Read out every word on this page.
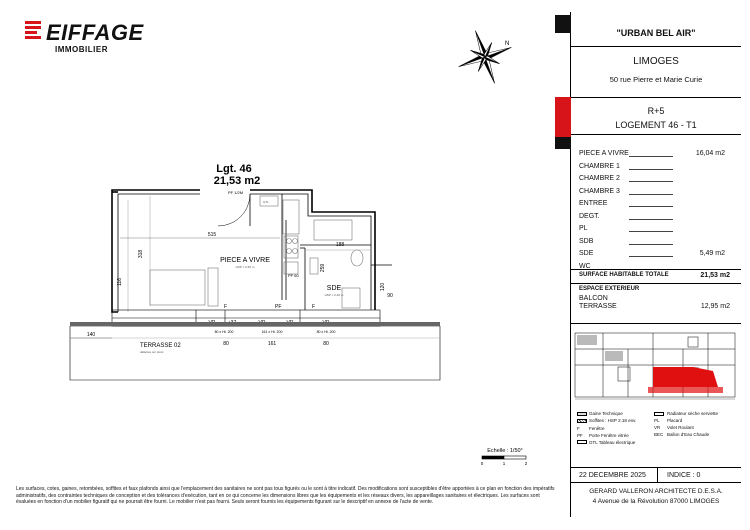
EIFFAGE
IMMOBILIER
N
Lgt. 46
21,53 m2
GTL
515
318
188
259
120
90
116
PIECE A VIVRE
HSP = 2.50 m
SDE
HSP = 2.40 m
PF 1/2M
PF 60
F	PF	F
80 x Ht. 200	161 x Ht. 200	80 x Ht. 200
140
80	161	80
TERRASSE 02
dallettes sur plots
Echelle : 1/50°
0	1	2
"URBAN BEL AIR"
LIMOGES
50 rue Pierre et Marie Curie
R+5
LOGEMENT 46 - T1
PIECE A VIVRE	16,04 m2
CHAMBRE 1
CHAMBRE 2
CHAMBRE 3
ENTREE
DEGT.
PL
SDB
SDE	5,49 m2
WC
SURFACE HABITABLE TOTALE	21,53 m2
ESPACE EXTERIEUR
BALCON
TERRASSE	12,95 m2
Gaine Technique
Soffites : HSP 2.18 env.
F Fenêtre
PF Porte Fenêtre vitrée
GTL Tableau électrique
Radiateur sèche serviette
PL Placard
VR Volet Roulant
BEC Ballon d'Eau Chaude
22 DECEMBRE 2025	INDICE : 0
GERARD VALLERON ARCHITECTE D.E.S.A.
4 Avenue de la Révolution 87000 LIMOGES
Les surfaces, cotes, gaines, retombées, soffites et faux plafonds ainsi que l'emplacement des sanitaires ne sont pas tous figurés ou le sont à titre indicatif. Des modifications sont susceptibles d'être apportées à ce plan en fonction des impératifs administratifs, des contraintes techniques de conception et des tolérances d'exécution, tant en ce qui concerne les dimensions libres que les équipements et les réseaux divers, les appareillages sanitaires et électriques. Les surfaces sont évaluées en fonction d'un mobilier figuratif qui ne pourrait être fourni. Le mobilier n'est pas fourni. Seuls seront fournis les équipements figurant sur le descriptif en annexe de l'acte de vente.
